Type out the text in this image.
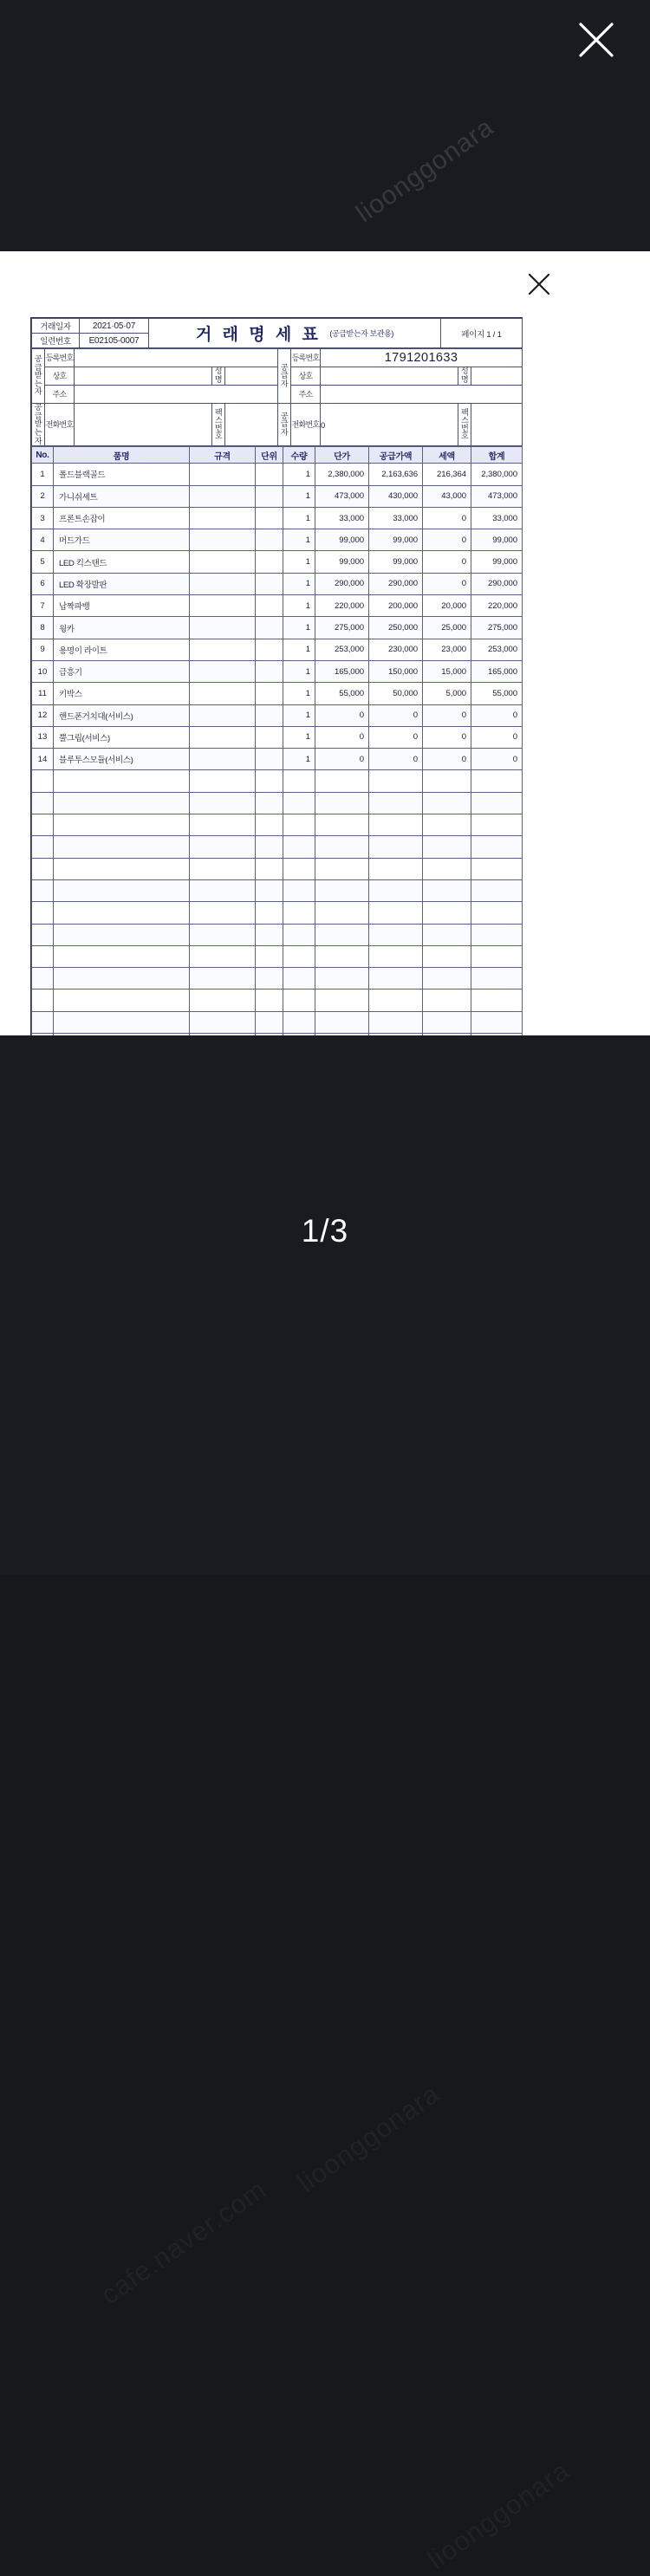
lioonggonara
거래일자	2021·05·07	거 래 명 세 표 (공급받는자 보관용)	페이지 1 / 1
일련번호	E02105-0007		
공급받는자	등록번호				공급자	등록번호	1791201633		
	상호		성명			상호		성명	
	주소					주소			
공급받는자	전화번호		팩스번호		공급자	전화번호	0	팩스번호	
No.	품명	규격	단위	수량	단가	공급가액	세액	합계
1	폴드블랙골드			1	2,380,000	2,163,636	216,364	2,380,000
2	가니쉬세트			1	473,000	430,000	43,000	473,000
3	프론트손잡이			1	33,000	33,000	0	33,000
4	머드가드			1	99,000	99,000	0	99,000
5	LED 킥스탠드			1	99,000	99,000	0	99,000
6	LED 확장발판			1	290,000	290,000	0	290,000
7	납짝파뱅			1	220,000	200,000	20,000	220,000
8	윙카			1	275,000	250,000	25,000	275,000
9	용명이 라이트			1	253,000	230,000	23,000	253,000
10	급흥기			1	165,000	150,000	15,000	165,000
11	키박스			1	55,000	50,000	5,000	55,000
12	핸드폰거치대(서비스)			1	0	0	0	0
13	뿔그립(서비스)			1	0	0	0	0
14	블루투스모듈(서비스)			1	0	0	0	0

lioonggonara
cafe.naver.com
lioonggonara
1/3
